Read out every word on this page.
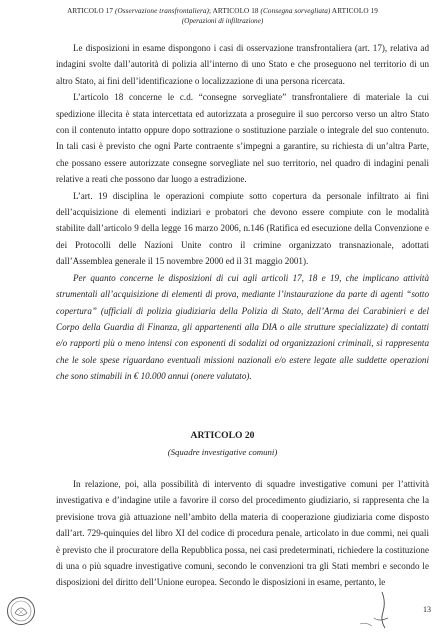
ARTICOLO 17 (Osservazione transfrontaliera); ARTICOLO 18 (Consegna sorvegliata) ARTICOLO 19
(Operazioni di infiltrazione)

Le disposizioni in esame dispongono i casi di osservazione transfrontaliera (art. 17), relativa ad indagini svolte dall’autorità di polizia all’interno di uno Stato e che proseguono nel territorio di un altro Stato, ai fini dell’identificazione o localizzazione di una persona ricercata.

L’articolo 18 concerne le c.d. “consegne sorvegliate” transfrontaliere di materiale la cui spedizione illecita è stata intercettata ed autorizzata a proseguire il suo percorso verso un altro Stato con il contenuto intatto oppure dopo sottrazione o sostituzione parziale o integrale del suo contenuto. In tali casi è previsto che ogni Parte contraente s’impegni a garantire, su richiesta di un’altra Parte, che possano essere autorizzate consegne sorvegliate nel suo territorio, nel quadro di indagini penali relative a reati che possono dar luogo a estradizione.

L’art. 19 disciplina le operazioni compiute sotto copertura da personale infiltrato ai fini dell’acquisizione di elementi indiziari e probatori che devono essere compiute con le modalità stabilite dall’articolo 9 della legge 16 marzo 2006, n.146 (Ratifica ed esecuzione della Convenzione e dei Protocolli delle Nazioni Unite contro il crimine organizzato transnazionale, adottati dall’Assemblea generale il 15 novembre 2000 ed il 31 maggio 2001).

Per quanto concerne le disposizioni di cui agli articoli 17, 18 e 19, che implicano attività strumentali all’acquisizione di elementi di prova, mediante l’instaurazione da parte di agenti “sotto copertura” (ufficiali di polizia giudiziaria della Polizia di Stato, dell’Arma dei Carabinieri e del Corpo della Guardia di Finanza, gli appartenenti alla DIA o alle strutture specializzate) di contatti e/o rapporti più o meno intensi con esponenti di sodalizi od organizzazioni criminali, si rappresenta che le sole spese riguardano eventuali missioni nazionali e/o estere legate alle suddette operazioni che sono stimabili in € 10.000 annui (onere valutato).

ARTICOLO 20
(Squadre investigative comuni)

In relazione, poi, alla possibilità di intervento di squadre investigative comuni per l’attività investigativa e d’indagine utile a favorire il corso del procedimento giudiziario, si rappresenta che la previsione trova già attuazione nell’ambito della materia di cooperazione giudiziaria come disposto dall’art. 729-quinquies del libro XI del codice di procedura penale, articolato in due commi, nei quali è previsto che il procuratore della Repubblica possa, nei casi predeterminati, richiedere la costituzione di una o più squadre investigative comuni, secondo le convenzioni tra gli Stati membri e secondo le disposizioni del diritto dell’Unione europea. Secondo le disposizioni in esame, pertanto, le

13
